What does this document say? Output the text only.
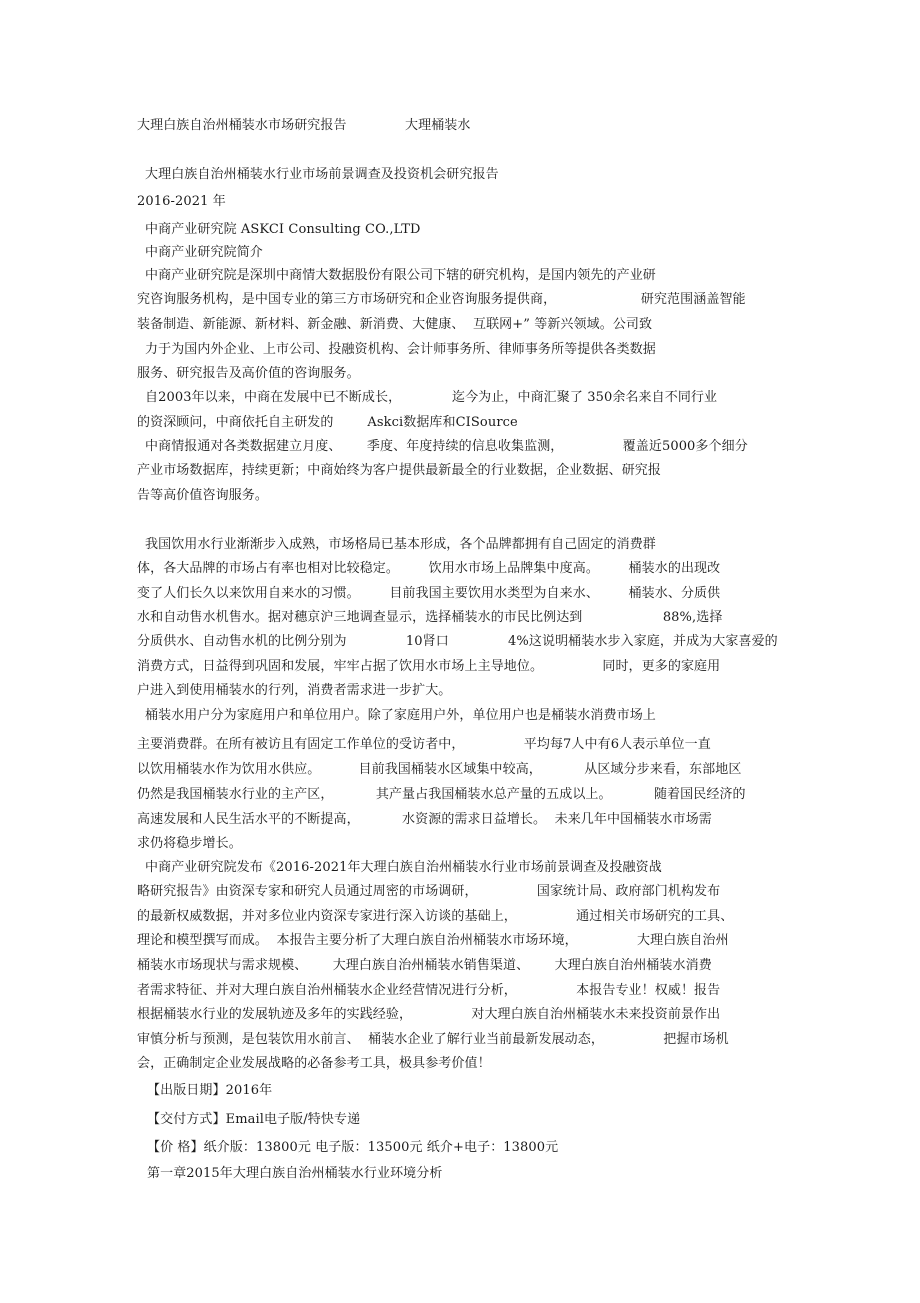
大理白族自治州桶装水市场研究报告	大理桶装水
大理白族自治州桶装水行业市场前景调查及投资机会研究报告
2016-2021 年
中商产业研究院 ASKCI Consulting CO.,LTD
中商产业研究院简介
中商产业研究院是深圳中商情大数据股份有限公司下辖的研究机构，是国内领先的产业研
究咨询服务机构，是中国专业的第三方市场研究和企业咨询服务提供商，                    研究范围涵盖智能
装备制造、新能源、新材料、新金融、新消费、大健康、  互联网+” 等新兴领域。公司致
力于为国内外企业、上市公司、投融资机构、会计师事务所、律师事务所等提供各类数据
服务、研究报告及高价值的咨询服务。
自2003年以来，中商在发展中已不断成长，            迄今为止，中商汇聚了 350余名来自不同行业
的资深顾问，中商依托自主研发的        Askci数据库和CISource
中商情报通对各类数据建立月度、      季度、年度持续的信息收集监测，              覆盖近5000多个细分
产业市场数据库，持续更新；中商始终为客户提供最新最全的行业数据，企业数据、研究报
告等高价值咨询服务。
我国饮用水行业渐渐步入成熟，市场格局已基本形成，各个品牌都拥有自己固定的消费群
体，各大品牌的市场占有率也相对比较稳定。       饮用水市场上品牌集中度高。       桶装水的出现改
变了人们长久以来饮用自来水的习惯。       目前我国主要饮用水类型为自来水、       桶装水、分质供
水和自动售水机售水。据对穗京沪三地调查显示，选择桶装水的市民比例达到                   88%,选择
分质供水、自动售水机的比例分别为              10肾口              4%这说明桶装水步入家庭，并成为大家喜爱的
消费方式，日益得到巩固和发展，牢牢占据了饮用水市场上主导地位。              同时，更多的家庭用
户进入到使用桶装水的行列，消费者需求进一步扩大。
桶装水用户分为家庭用户和单位用户。除了家庭用户外，单位用户也是桶装水消费市场上
主要消费群。在所有被访且有固定工作单位的受访者中，              平均每7人中有6人表示单位一直
以饮用桶装水作为饮用水供应。         目前我国桶装水区域集中较高，          从区域分步来看，东部地区
仍然是我国桶装水行业的主产区，          其产量占我国桶装水总产量的五成以上。          随着国民经济的
高速发展和人民生活水平的不断提高，          水资源的需求日益增长。  未来几年中国桶装水市场需
求仍将稳步增长。
中商产业研究院发布《2016-2021年大理白族自治州桶装水行业市场前景调查及投融资战
略研究报告》由资深专家和研究人员通过周密的市场调研，              国家统计局、政府部门机构发布
的最新权威数据，并对多位业内资深专家进行深入访谈的基础上，              通过相关市场研究的工具、
理论和模型撰写而成。  本报告主要分析了大理白族自治州桶装水市场环境，              大理白族自治州
桶装水市场现状与需求规模、      大理白族自治州桶装水销售渠道、      大理白族自治州桶装水消费
者需求特征、并对大理白族自治州桶装水企业经营情况进行分析，              本报告专业！权威！报告
根据桶装水行业的发展轨迹及多年的实践经验，              对大理白族自治州桶装水未来投资前景作出
审慎分析与预测，是包装饮用水前言、  桶装水企业了解行业当前最新发展动态，              把握市场机
会，正确制定企业发展战略的必备参考工具，极具参考价值！
【出版日期】2016年
【交付方式】Email电子版/特快专递
【价 格】纸介版：13800元 电子版：13500元 纸介+电子：13800元
第一章2015年大理白族自治州桶装水行业环境分析
